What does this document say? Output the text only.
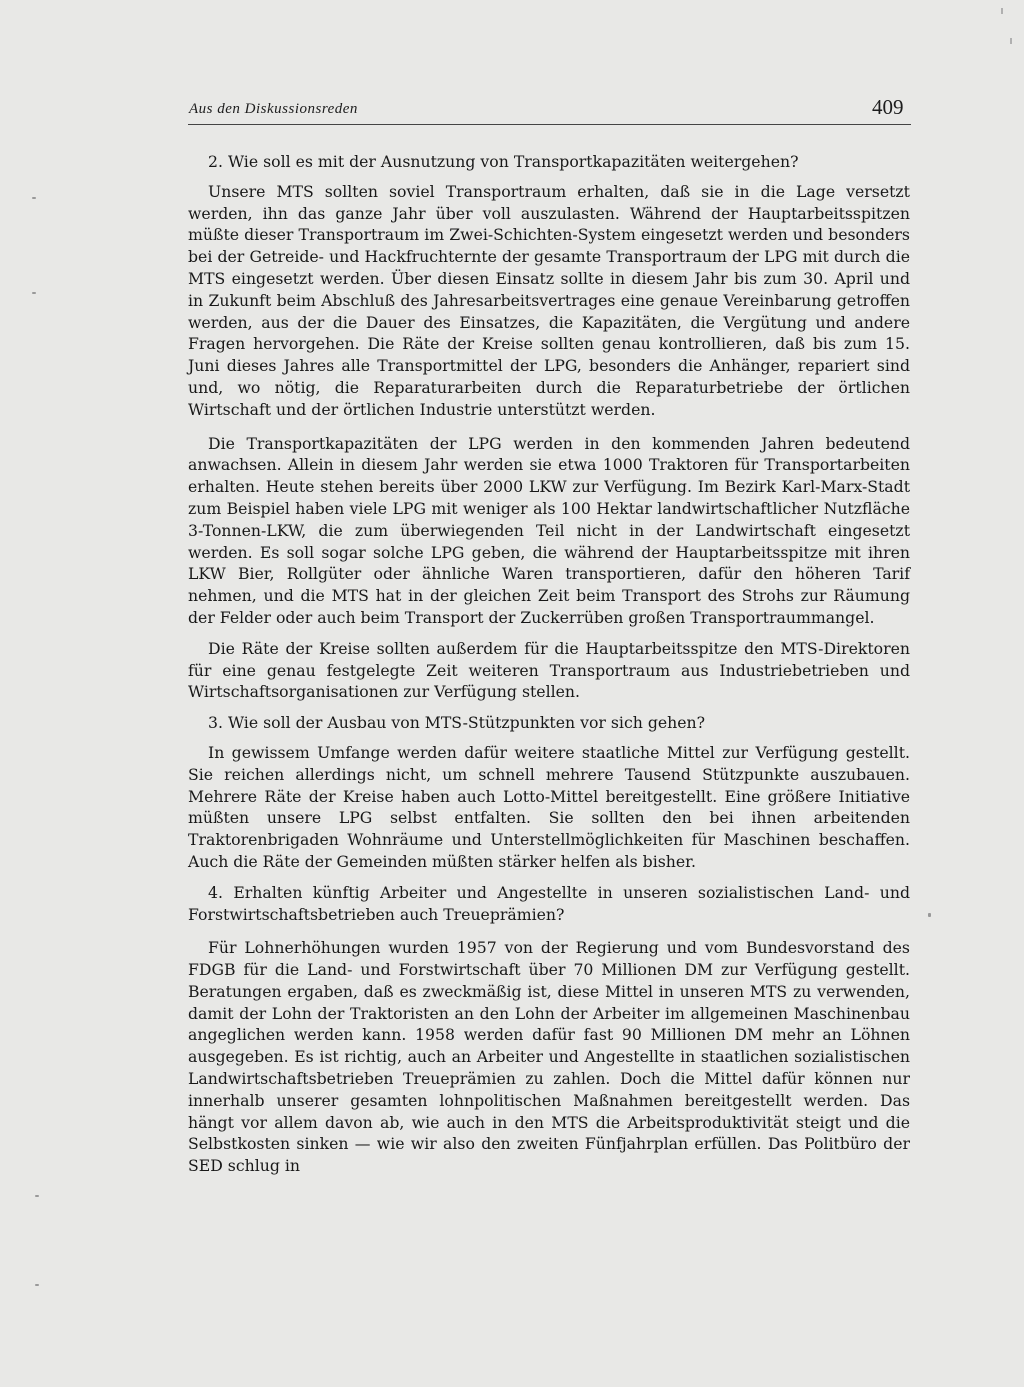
Aus den Diskussionsreden	409
2. Wie soll es mit der Ausnutzung von Transportkapazitäten weitergehen?

Unsere MTS sollten soviel Transportraum erhalten, daß sie in die Lage versetzt werden, ihn das ganze Jahr über voll auszulasten. Während der Hauptarbeitsspitzen müßte dieser Transportraum im Zwei-Schichten-System eingesetzt werden und besonders bei der Getreide- und Hackfruchternte der gesamte Transportraum der LPG mit durch die MTS eingesetzt werden. Über diesen Einsatz sollte in diesem Jahr bis zum 30. April und in Zukunft beim Abschluß des Jahresarbeitsvertrages eine genaue Vereinbarung getroffen werden, aus der die Dauer des Einsatzes, die Kapazitäten, die Vergütung und andere Fragen hervorgehen. Die Räte der Kreise sollten genau kontrollieren, daß bis zum 15. Juni dieses Jahres alle Transportmittel der LPG, besonders die Anhänger, repariert sind und, wo nötig, die Reparaturarbeiten durch die Reparaturbetriebe der örtlichen Wirtschaft und der örtlichen Industrie unterstützt werden.

Die Transportkapazitäten der LPG werden in den kommenden Jahren bedeutend anwachsen. Allein in diesem Jahr werden sie etwa 1000 Traktoren für Transportarbeiten erhalten. Heute stehen bereits über 2000 LKW zur Verfügung. Im Bezirk Karl-Marx-Stadt zum Beispiel haben viele LPG mit weniger als 100 Hektar landwirtschaftlicher Nutzfläche 3-Tonnen-LKW, die zum überwiegenden Teil nicht in der Landwirtschaft eingesetzt werden. Es soll sogar solche LPG geben, die während der Hauptarbeitsspitze mit ihren LKW Bier, Rollgüter oder ähnliche Waren transportieren, dafür den höheren Tarif nehmen, und die MTS hat in der gleichen Zeit beim Transport des Strohs zur Räumung der Felder oder auch beim Transport der Zuckerrüben großen Transportraummangel.

Die Räte der Kreise sollten außerdem für die Hauptarbeitsspitze den MTS-Direktoren für eine genau festgelegte Zeit weiteren Transportraum aus Industriebetrieben und Wirtschaftsorganisationen zur Verfügung stellen.

3. Wie soll der Ausbau von MTS-Stützpunkten vor sich gehen?

In gewissem Umfange werden dafür weitere staatliche Mittel zur Verfügung gestellt. Sie reichen allerdings nicht, um schnell mehrere Tausend Stützpunkte auszubauen. Mehrere Räte der Kreise haben auch Lotto-Mittel bereitgestellt. Eine größere Initiative müßten unsere LPG selbst entfalten. Sie sollten den bei ihnen arbeitenden Traktorenbrigaden Wohnräume und Unterstellmöglichkeiten für Maschinen beschaffen. Auch die Räte der Gemeinden müßten stärker helfen als bisher.

4. Erhalten künftig Arbeiter und Angestellte in unseren sozialistischen Land- und Forstwirtschaftsbetrieben auch Treueprämien?

Für Lohnerhöhungen wurden 1957 von der Regierung und vom Bundesvorstand des FDGB für die Land- und Forstwirtschaft über 70 Millionen DM zur Verfügung gestellt. Beratungen ergaben, daß es zweckmäßig ist, diese Mittel in unseren MTS zu verwenden, damit der Lohn der Traktoristen an den Lohn der Arbeiter im allgemeinen Maschinenbau angeglichen werden kann. 1958 werden dafür fast 90 Millionen DM mehr an Löhnen ausgegeben. Es ist richtig, auch an Arbeiter und Angestellte in staatlichen sozialistischen Landwirtschaftsbetrieben Treueprämien zu zahlen. Doch die Mittel dafür können nur innerhalb unserer gesamten lohnpolitischen Maßnahmen bereitgestellt werden. Das hängt vor allem davon ab, wie auch in den MTS die Arbeitsproduktivität steigt und die Selbstkosten sinken — wie wir also den zweiten Fünfjahrplan erfüllen. Das Politbüro der SED schlug in
